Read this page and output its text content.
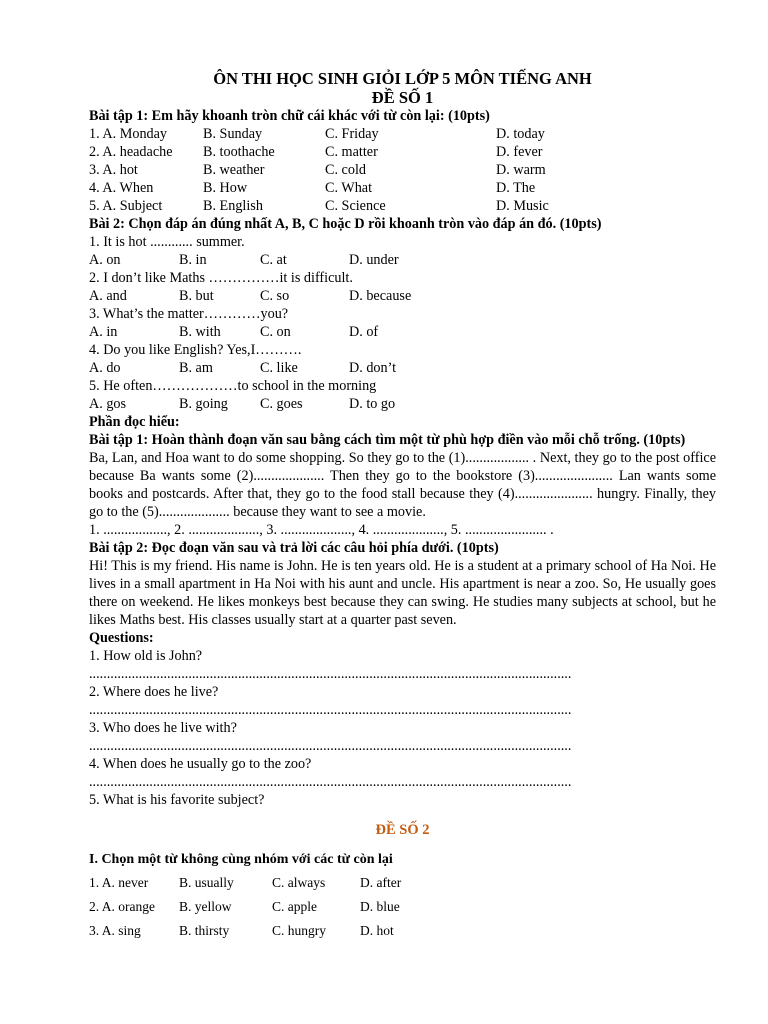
ÔN THI HỌC SINH GIỎI LỚP 5 MÔN TIẾNG ANH
ĐỀ SỐ 1
Bài tập 1: Em hãy khoanh tròn chữ cái khác với từ còn lại: (10pts)
1. A. Monday	B. Sunday	C. Friday	D. today
2. A. headache B. toothache	C. matter	D. fever
3. A. hot	B. weather	C. cold	D. warm
4. A. When	B. How	C. What	D. The
5. A. Subject	B. English	C. Science	D. Music
Bài 2: Chọn đáp án đúng nhất A, B, C hoặc D rồi khoanh tròn vào đáp án đó. (10pts)
1. It is hot ............ summer.
A. on	B. in	C. at	D. under
2. I don’t like Maths ……………it is difficult.
A. and	B. but	C. so	D. because
3. What’s the matter…………you?
A. in	B. with	C. on	D. of
4. Do you like English? Yes,I……….
A. do	B. am	C. like	D. don’t
5. He often………………to school in the morning
A. gos	B. going C. goes	D. to go
Phần đọc hiểu:
Bài tập 1: Hoàn thành đoạn văn sau bằng cách tìm một từ phù hợp điền vào mỗi chỗ trống. (10pts)
Ba, Lan, and Hoa want to do some shopping. So they go to the (1).................. . Next, they go to the post office because Ba wants some (2).................... Then they go to the bookstore (3)...................... Lan wants some books and postcards. After that, they go to the food stall because they (4)...................... hungry. Finally, they go to the (5).................... because they want to see a movie.
1. .................., 2. ...................., 3. ...................., 4. ...................., 5. ....................... .
Bài tập 2: Đọc đoạn văn sau và trả lời các câu hỏi phía dưới. (10pts)
Hi! This is my friend. His name is John. He is ten years old. He is a student at a primary school of Ha Noi. He lives in a small apartment in Ha Noi with his aunt and uncle. His apartment is near a zoo. So, He usually goes there on weekend. He likes monkeys best because they can swing. He studies many subjects at school, but he likes Maths best. His classes usually start at a quarter past seven.
Questions:
1. How old is John?
........................................................................................................................................
2. Where does he live?
........................................................................................................................................
3. Who does he live with?
........................................................................................................................................
4. When does he usually go to the zoo?
........................................................................................................................................
5. What is his favorite subject?
ĐỀ SỐ 2
I. Chọn một từ không cùng nhóm với các từ còn lại
1. A. never B. usually	C. always	D. after
2. A. orange B. yellow	C. apple	D. blue
3. A. sing	B. thirsty	C. hungry	D. hot
